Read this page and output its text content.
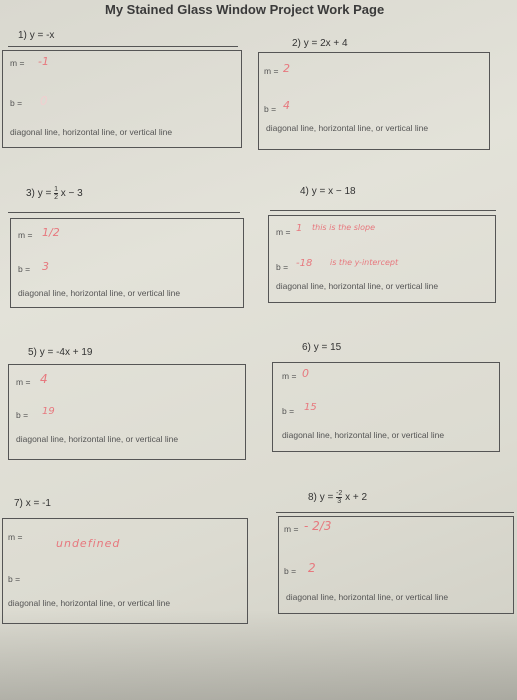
My Stained Glass Window Project Work Page
1) y = -x
m = -1
b = 0
diagonal line, horizontal line, or vertical line
2) y = 2x + 4
m = 2
b = 4
diagonal line, horizontal line, or vertical line
3) $y = \frac{1}{2}$ x − 3
m = 1/2
b = 3
diagonal line, horizontal line, or vertical line
4) y = x − 18
m = 1 this is the slope
b = -18 is the y-intercept
diagonal line, horizontal line, or vertical line
5) y = -4x + 19
m = 4
b = 19
diagonal line, horizontal line, or vertical line
6) y = 15
m = 0
b = 15
diagonal line, horizontal line, or vertical line
7) x = -1
m =	undefined
b =
diagonal line, horizontal line, or vertical line
8) $y = \frac{-2}{3}$ x + 2
m = - 2/3
b = 2
diagonal line, horizontal line, or vertical line
